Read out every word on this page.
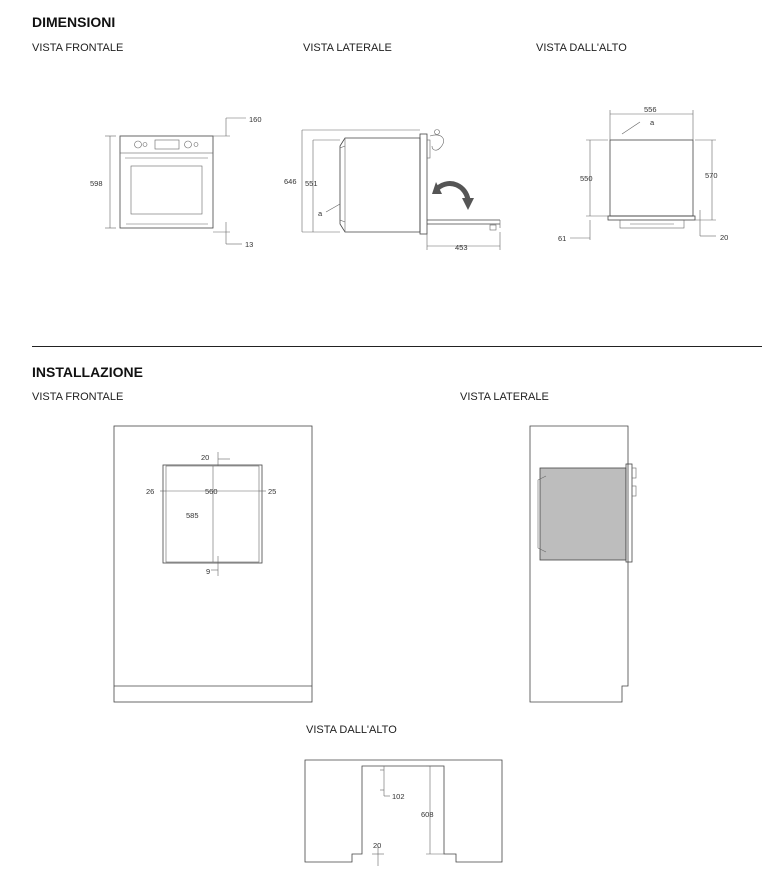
DIMENSIONI
VISTA FRONTALE	VISTA LATERALE	VISTA DALL'ALTO
INSTALLAZIONE
VISTA FRONTALE	VISTA LATERALE
VISTA DALL'ALTO
598
160
13
646 551
a
453
556
a
550	570
61	20
20
26	560	25
585
9
102
608
20
